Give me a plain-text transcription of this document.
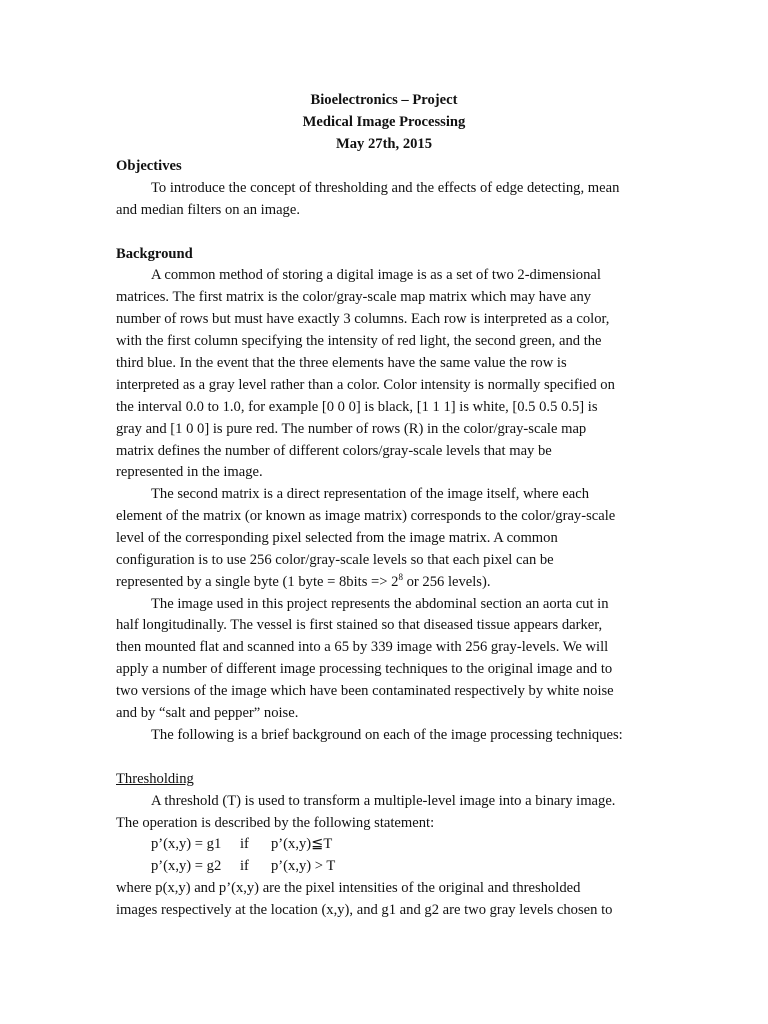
Bioelectronics – Project
Medical Image Processing
May 27th, 2015
Objectives
To introduce the concept of thresholding and the effects of edge detecting, mean
and median filters on an image.
Background
A common method of storing a digital image is as a set of two 2-dimensional
matrices. The first matrix is the color/gray-scale map matrix which may have any
number of rows but must have exactly 3 columns. Each row is interpreted as a color,
with the first column specifying the intensity of red light, the second green, and the
third blue. In the event that the three elements have the same value the row is
interpreted as a gray level rather than a color. Color intensity is normally specified on
the interval 0.0 to 1.0, for example [0 0 0] is black, [1 1 1] is white, [0.5 0.5 0.5] is
gray and [1 0 0] is pure red. The number of rows (R) in the color/gray-scale map
matrix defines the number of different colors/gray-scale levels that may be
represented in the image.
The second matrix is a direct representation of the image itself, where each
element of the matrix (or known as image matrix) corresponds to the color/gray-scale
level of the corresponding pixel selected from the image matrix. A common
configuration is to use 256 color/gray-scale levels so that each pixel can be
represented by a single byte (1 byte = 8bits => $2^8$ or 256 levels).
The image used in this project represents the abdominal section an aorta cut in
half longitudinally. The vessel is first stained so that diseased tissue appears darker,
then mounted flat and scanned into a 65 by 339 image with 256 gray-levels. We will
apply a number of different image processing techniques to the original image and to
two versions of the image which have been contaminated respectively by white noise
and by “salt and pepper” noise.
The following is a brief background on each of the image processing techniques:
Thresholding
A threshold (T) is used to transform a multiple-level image into a binary image.
The operation is described by the following statement:
p’(x,y) = g1 if p’(x,y)≦T
p’(x,y) = g2 if p’(x,y) > T
where p(x,y) and p’(x,y) are the pixel intensities of the original and thresholded
images respectively at the location (x,y), and g1 and g2 are two gray levels chosen to
